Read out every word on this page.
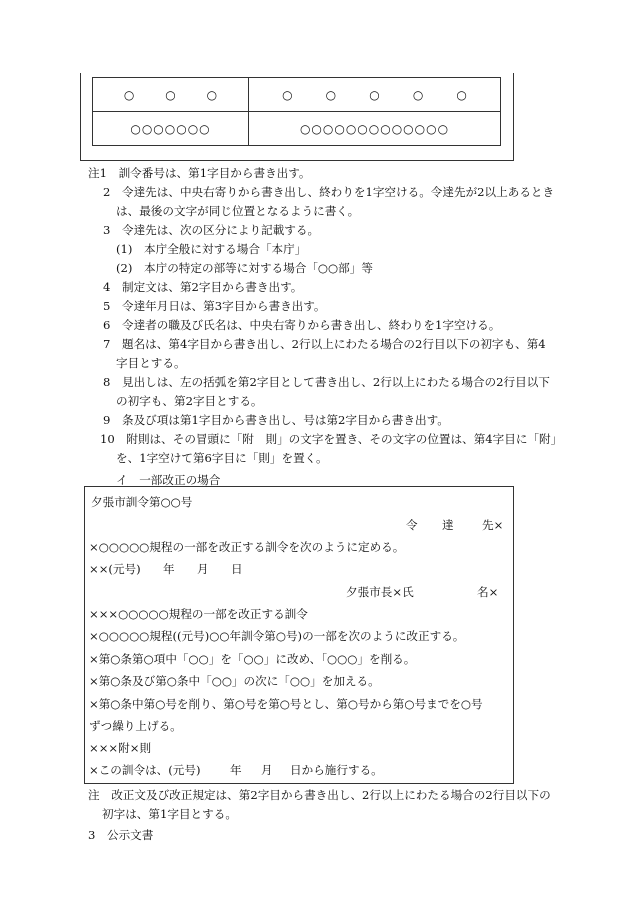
○ ○ ○	○ ○ ○ ○ ○

○○○○○○○	○○○○○○○○○○○○○
注1　訓令番号は、第1字目から書き出す。
2　令達先は、中央右寄りから書き出し、終わりを1字空ける。令達先が2以上あるとき
は、最後の文字が同じ位置となるように書く。
3　令達先は、次の区分により記載する。
(1)　本庁全般に対する場合「本庁」
(2)　本庁の特定の部等に対する場合「○○部」等
4　制定文は、第2字目から書き出す。
5　令達年月日は、第3字目から書き出す。
6　令達者の職及び氏名は、中央右寄りから書き出し、終わりを1字空ける。
7　題名は、第4字目から書き出し、2行以上にわたる場合の2行目以下の初字も、第4
字目とする。
8　見出しは、左の括弧を第2字目として書き出し、2行以上にわたる場合の2行目以下
の初字も、第2字目とする。
9　条及び項は第1字目から書き出し、号は第2字目から書き出す。
10　附則は、その冒頭に「附　則」の文字を置き、その文字の位置は、第4字目に「附」
を、1字空けて第6字目に「則」を置く。
イ　一部改正の場合
夕張市訓令第○○号
令 達 先×
×○○○○○規程の一部を改正する訓令を次のように定める。
××(元号) 年 月 日
夕張市長×氏	名×
×××○○○○○規程の一部を改正する訓令
×○○○○○規程((元号)○○年訓令第○号)の一部を次のように改正する。
×第○条第○項中「○○」を「○○」に改め、「○○○」を削る。
×第○条及び第○条中「○○」の次に「○○」を加える。
×第○条中第○号を削り、第○号を第○号とし、第○号から第○号までを○号
ずつ繰り上げる。
×××附×則
×この訓令は、(元号)	年 月 日から施行する。
注　改正文及び改正規定は、第2字目から書き出し、2行以上にわたる場合の2行目以下の
初字は、第1字目とする。
3　公示文書
